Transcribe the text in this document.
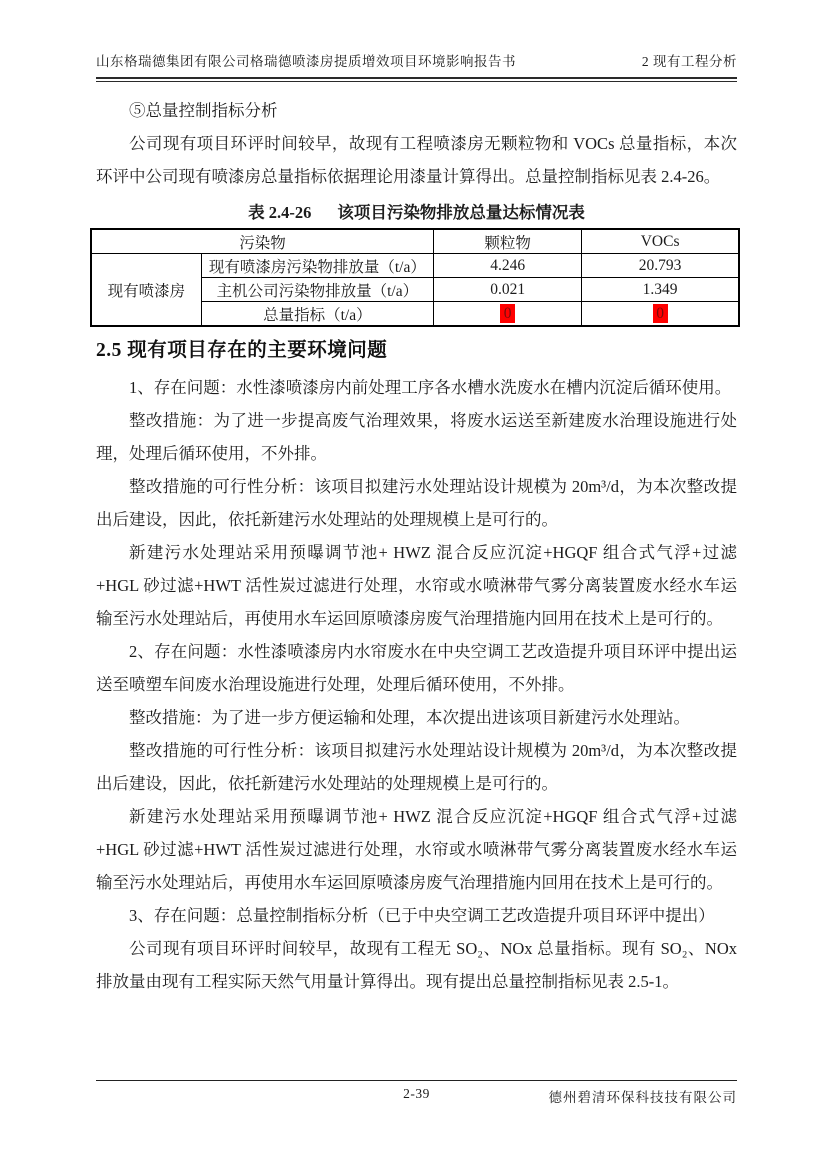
山东格瑞德集团有限公司格瑞德喷漆房提质增效项目环境影响报告书	2 现有工程分析

⑤总量控制指标分析

公司现有项目环评时间较早，故现有工程喷漆房无颗粒物和 VOCs 总量指标，本次环评中公司现有喷漆房总量指标依据理论用漆量计算得出。总量控制指标见表 2.4-26。

表 2.4-26 该项目污染物排放总量达标情况表
污染物		颗粒物	VOCs
现有喷漆房	现有喷漆房污染物排放量（t/a）	4.246	20.793
	主机公司污染物排放量（t/a）	0.021	1.349
	总量指标（t/a）	0	0
2.5 现有项目存在的主要环境问题

1、存在问题：水性漆喷漆房内前处理工序各水槽水洗废水在槽内沉淀后循环使用。

整改措施：为了进一步提高废气治理效果，将废水运送至新建废水治理设施进行处理，处理后循环使用，不外排。

整改措施的可行性分析：该项目拟建污水处理站设计规模为 20m³/d，为本次整改提出后建设，因此，依托新建污水处理站的处理规模上是可行的。

新建污水处理站采用预曝调节池+ HWZ 混合反应沉淀+HGQF 组合式气浮+过滤+HGL 砂过滤+HWT 活性炭过滤进行处理，水帘或水喷淋带气雾分离装置废水经水车运输至污水处理站后，再使用水车运回原喷漆房废气治理措施内回用在技术上是可行的。

2、存在问题：水性漆喷漆房内水帘废水在中央空调工艺改造提升项目环评中提出运送至喷塑车间废水治理设施进行处理，处理后循环使用，不外排。

整改措施：为了进一步方便运输和处理，本次提出进该项目新建污水处理站。

整改措施的可行性分析：该项目拟建污水处理站设计规模为 20m³/d，为本次整改提出后建设，因此，依托新建污水处理站的处理规模上是可行的。

新建污水处理站采用预曝调节池+ HWZ 混合反应沉淀+HGQF 组合式气浮+过滤+HGL 砂过滤+HWT 活性炭过滤进行处理，水帘或水喷淋带气雾分离装置废水经水车运输至污水处理站后，再使用水车运回原喷漆房废气治理措施内回用在技术上是可行的。

3、存在问题：总量控制指标分析（已于中央空调工艺改造提升项目环评中提出）

公司现有项目环评时间较早，故现有工程无 SO₂、NOx 总量指标。现有 SO₂、NOx 排放量由现有工程实际天然气用量计算得出。现有提出总量控制指标见表 2.5-1。

2-39	德州碧清环保科技技有限公司
